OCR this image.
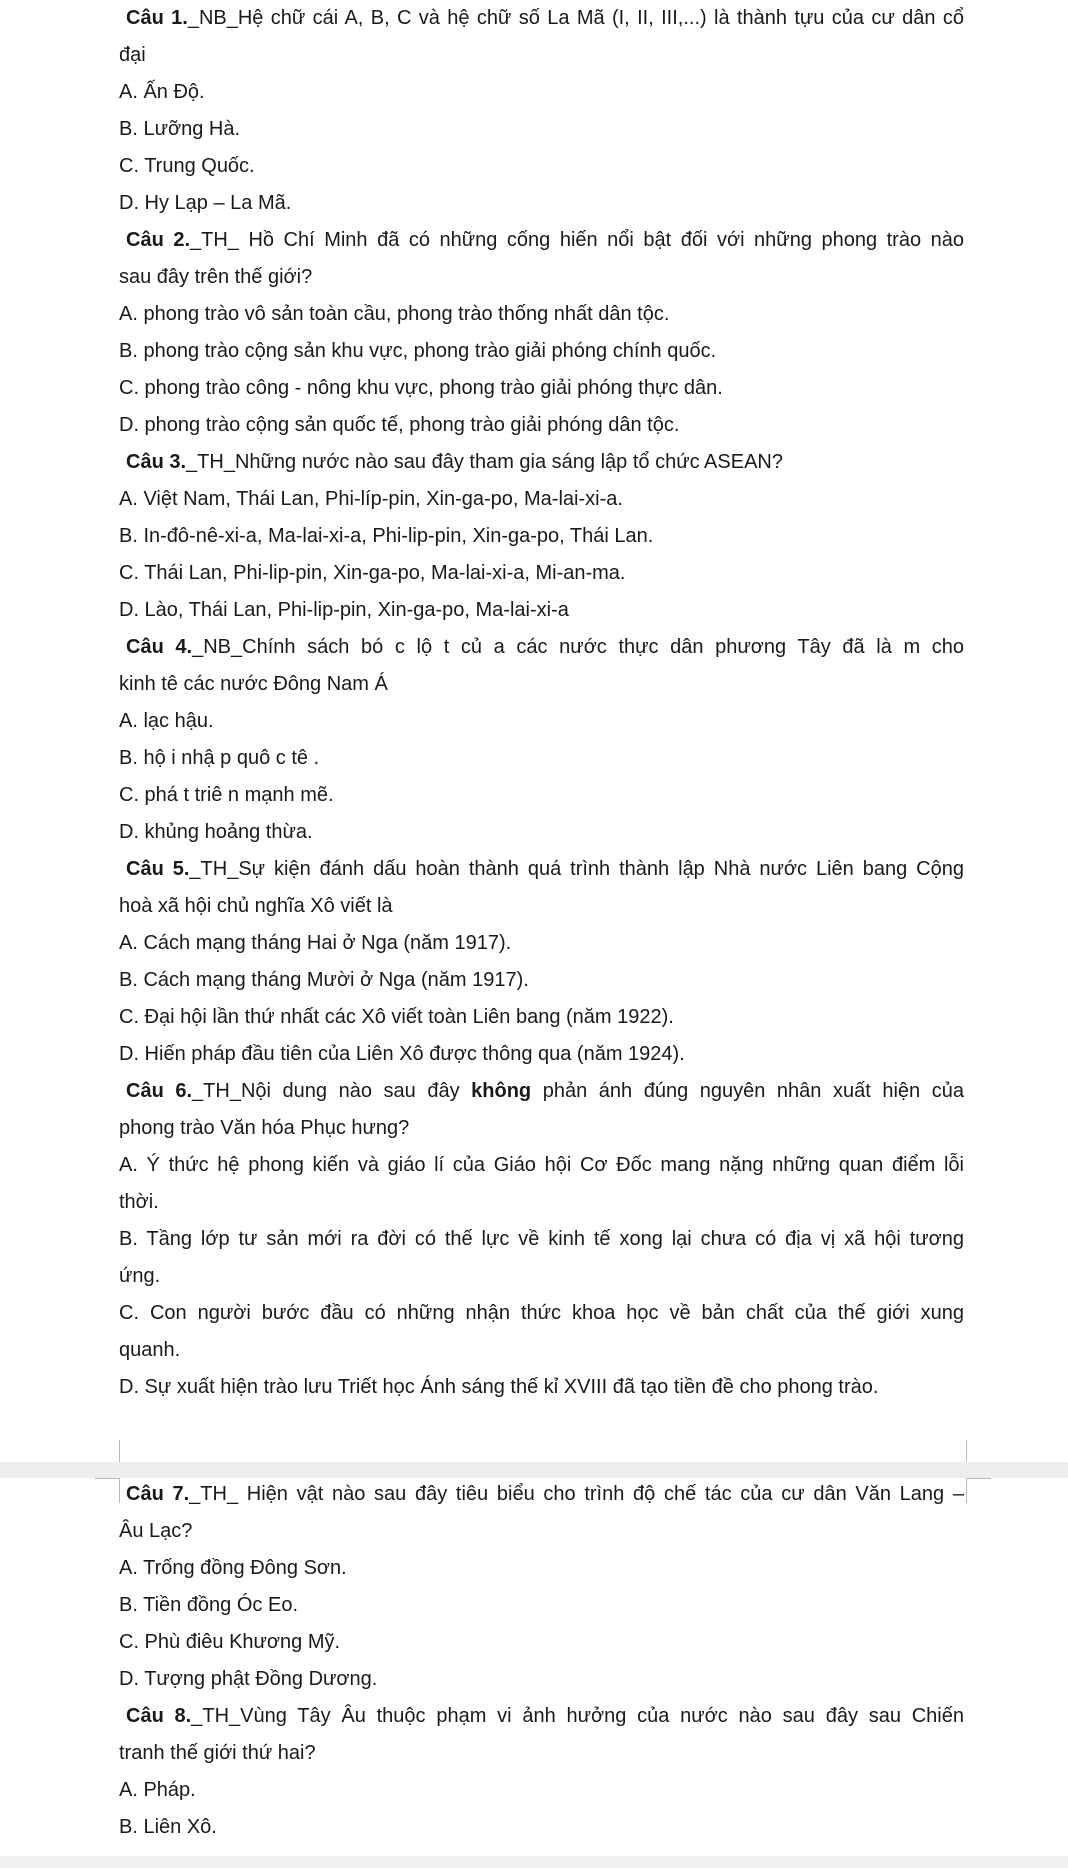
Câu 1._NB_Hệ chữ cái A, B, C và hệ chữ số La Mã (I, II, III,...) là thành tựu của cư dân cổ
đại
A. Ấn Độ.
B. Lưỡng Hà.
C. Trung Quốc.
D. Hy Lạp – La Mã.
Câu 2._TH_ Hồ Chí Minh đã có những cống hiến nổi bật đối với những phong trào nào
sau đây trên thế giới?
A. phong trào vô sản toàn cầu, phong trào thống nhất dân tộc.
B. phong trào cộng sản khu vực, phong trào giải phóng chính quốc.
C. phong trào công - nông khu vực, phong trào giải phóng thực dân.
D. phong trào cộng sản quốc tế, phong trào giải phóng dân tộc.
Câu 3._TH_Những nước nào sau đây tham gia sáng lập tổ chức ASEAN?
A. Việt Nam, Thái Lan, Phi-líp-pin, Xin-ga-po, Ma-lai-xi-a.
B. In-đô-nê-xi-a, Ma-lai-xi-a, Phi-lip-pin, Xin-ga-po, Thái Lan.
C. Thái Lan, Phi-lip-pin, Xin-ga-po, Ma-lai-xi-a, Mi-an-ma.
D. Lào, Thái Lan, Phi-lip-pin, Xin-ga-po, Ma-lai-xi-a
Câu 4._NB_Chính sách bó c lộ t củ a các nước thực dân phương Tây đã là m cho
kinh tê các nước Đông Nam Á
A. lạc hậu.
B. hộ i nhậ p quô c tê .
C. phá t triê n mạnh mẽ.
D. khủng hoảng thừa.
Câu 5._TH_Sự kiện đánh dấu hoàn thành quá trình thành lập Nhà nước Liên bang Cộng
hoà xã hội chủ nghĩa Xô viết là
A. Cách mạng tháng Hai ở Nga (năm 1917).
B. Cách mạng tháng Mười ở Nga (năm 1917).
C. Đại hội lần thứ nhất các Xô viết toàn Liên bang (năm 1922).
D. Hiến pháp đầu tiên của Liên Xô được thông qua (năm 1924).
Câu 6._TH_Nội dung nào sau đây không phản ánh đúng nguyên nhân xuất hiện của
phong trào Văn hóa Phục hưng?
A. Ý thức hệ phong kiến và giáo lí của Giáo hội Cơ Đốc mang nặng những quan điểm lỗi
thời.
B. Tầng lớp tư sản mới ra đời có thế lực về kinh tế xong lại chưa có địa vị xã hội tương
ứng.
C. Con người bước đầu có những nhận thức khoa học về bản chất của thế giới xung
quanh.
D. Sự xuất hiện trào lưu Triết học Ánh sáng thế kỉ XVIII đã tạo tiền đề cho phong trào.
Câu 7._TH_ Hiện vật nào sau đây tiêu biểu cho trình độ chế tác của cư dân Văn Lang –
Âu Lạc?
A. Trống đồng Đông Sơn.
B. Tiền đồng Óc Eo.
C. Phù điêu Khương Mỹ.
D. Tượng phật Đồng Dương.
Câu 8._TH_Vùng Tây Âu thuộc phạm vi ảnh hưởng của nước nào sau đây sau Chiến
tranh thế giới thứ hai?
A. Pháp.
B. Liên Xô.
